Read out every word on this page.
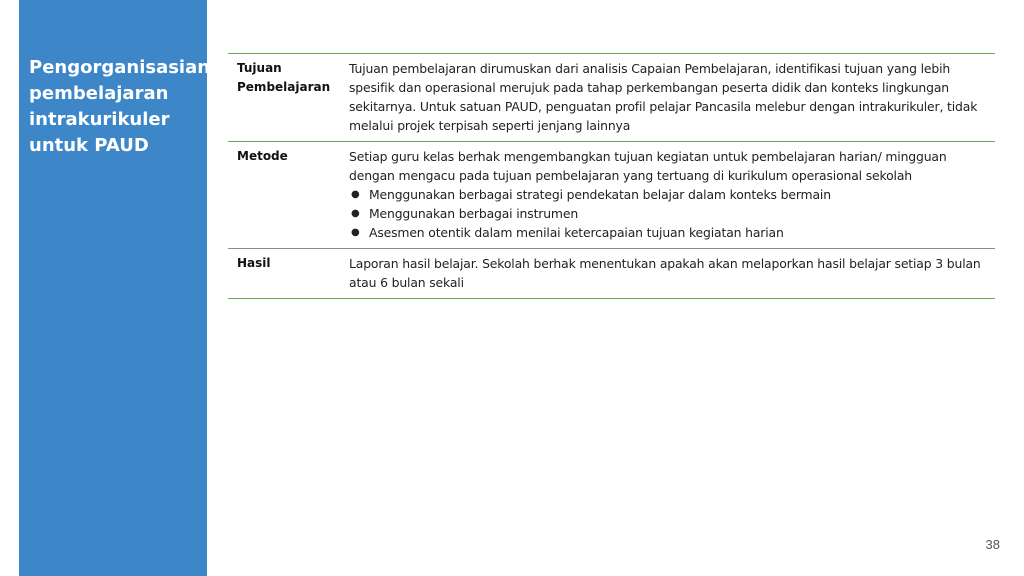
Pengorganisasian pembelajaran intrakurikuler untuk PAUD
Tujuan Pembelajaran
Tujuan pembelajaran dirumuskan dari analisis Capaian Pembelajaran, identifikasi tujuan yang lebih spesifik dan operasional merujuk pada tahap perkembangan peserta didik dan konteks lingkungan sekitarnya. Untuk satuan PAUD, penguatan profil pelajar Pancasila melebur dengan intrakurikuler, tidak melalui projek terpisah seperti jenjang lainnya
Metode	Setiap guru kelas berhak mengembangkan tujuan kegiatan untuk pembelajaran harian/ mingguan dengan mengacu pada tujuan pembelajaran yang tertuang di kurikulum operasional sekolah
● Menggunakan berbagai strategi pendekatan belajar dalam konteks bermain
● Menggunakan berbagai instrumen
● Asesmen otentik dalam menilai ketercapaian tujuan kegiatan harian
Hasil	Laporan hasil belajar. Sekolah berhak menentukan apakah akan melaporkan hasil belajar setiap 3 bulan atau 6 bulan sekali
38
